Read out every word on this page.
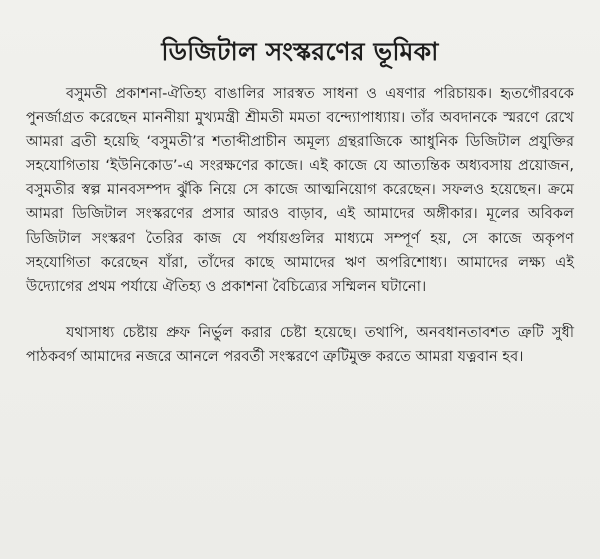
ডিজিটাল সংস্করণের ভূমিকা

বসুমতী প্রকাশনা-ঐতিহ্য বাঙালির সারস্বত সাধনা ও এষণার পরিচায়ক। হৃতগৌরবকে পুনর্জাগ্রত করেছেন মাননীয়া মুখ্যমন্ত্রী শ্রীমতী মমতা বন্দ্যোপাধ্যায়। তাঁর অবদানকে স্মরণে রেখে আমরা ব্রতী হয়েছি ‘বসুমতী’র শতাব্দীপ্রাচীন অমূল্য গ্রন্থরাজিকে আধুনিক ডিজিটাল প্রযুক্তির সহযোগিতায় ‘ইউনিকোড’-এ সংরক্ষণের কাজে। এই কাজে যে আত্যন্তিক অধ্যবসায় প্রয়োজন, বসুমতীর স্বল্প মানবসম্পদ ঝুঁকি নিয়ে সে কাজে আত্মনিয়োগ করেছেন। সফলও হয়েছেন। ক্রমে আমরা ডিজিটাল সংস্করণের প্রসার আরও বাড়াব, এই আমাদের অঙ্গীকার। মূলের অবিকল ডিজিটাল সংস্করণ তৈরির কাজ যে পর্যায়গুলির মাধ্যমে সম্পূর্ণ হয়, সে কাজে অকৃপণ সহযোগিতা করেছেন যাঁরা, তাঁদের কাছে আমাদের ঋণ অপরিশোধ্য। আমাদের লক্ষ্য এই উদ্যোগের প্রথম পর্যায়ে ঐতিহ্য ও প্রকাশনা বৈচিত্র্যের সম্মিলন ঘটানো।

যথাসাধ্য চেষ্টায় প্রুফ নির্ভুল করার চেষ্টা হয়েছে। তথাপি, অনবধানতাবশত ত্রুটি সুধী পাঠকবর্গ আমাদের নজরে আনলে পরবর্তী সংস্করণে ত্রুটিমুক্ত করতে আমরা যত্নবান হব।
